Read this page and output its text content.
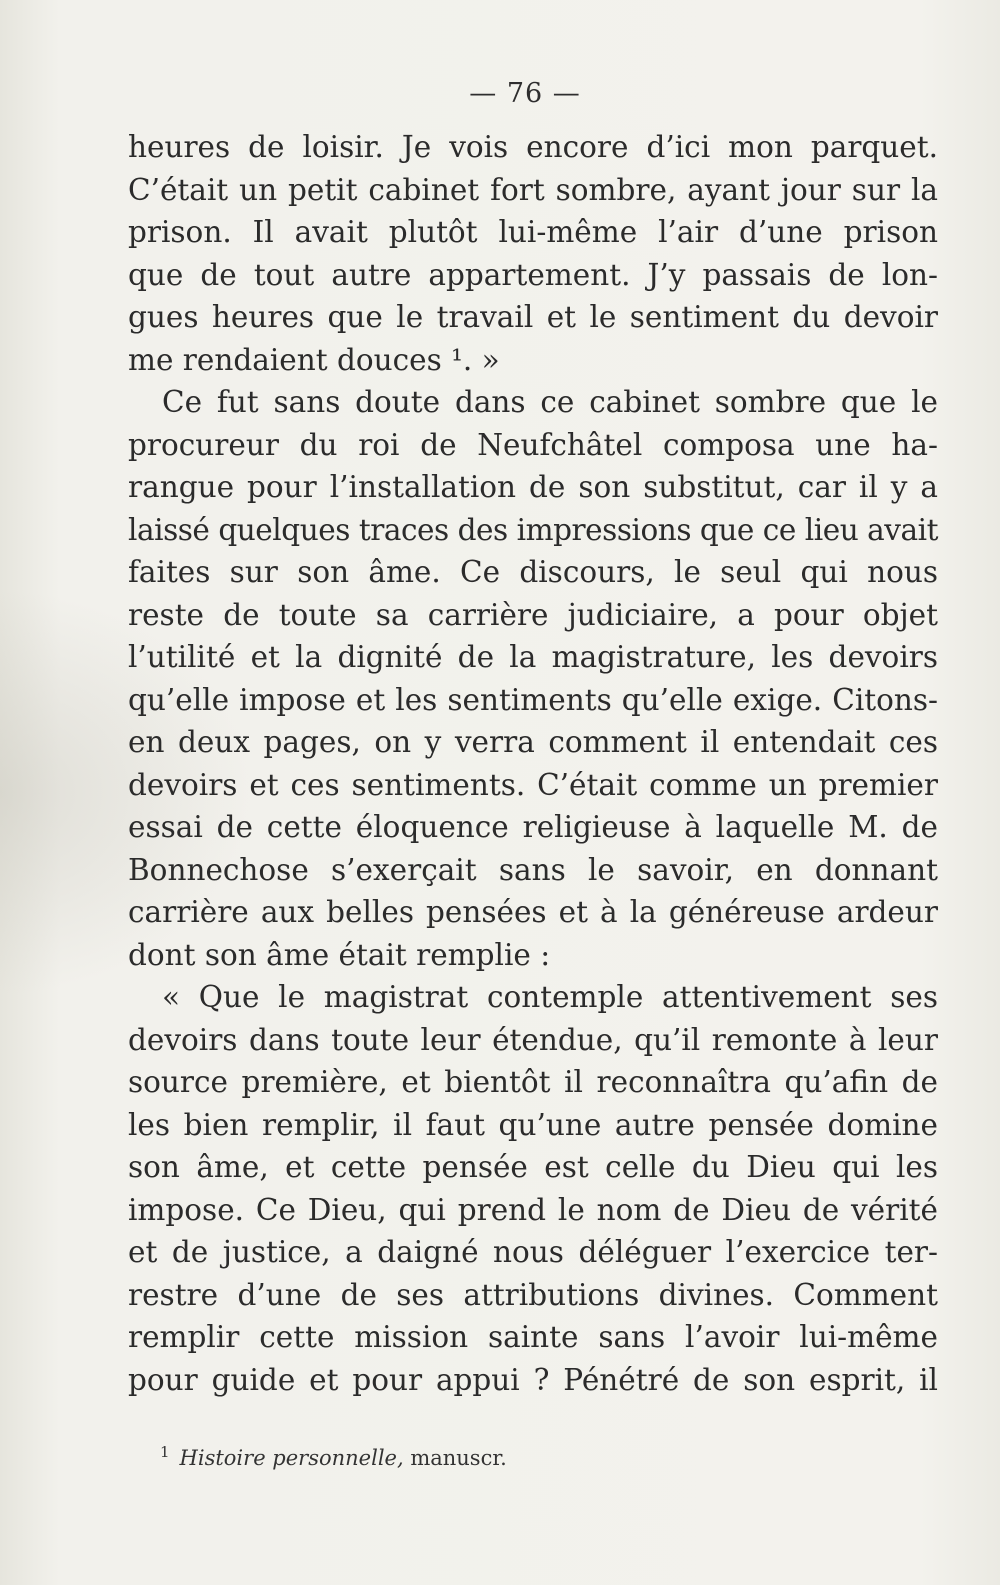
— 76 —
heures de loisir. Je vois encore d’ici mon parquet.
C’était un petit cabinet fort sombre, ayant jour sur la
prison. Il avait plutôt lui-même l’air d’une prison
que de tout autre appartement. J’y passais de lon-
gues heures que le travail et le sentiment du devoir
me rendaient douces ¹. »
Ce fut sans doute dans ce cabinet sombre que le
procureur du roi de Neufchâtel composa une ha-
rangue pour l’installation de son substitut, car il y a
laissé quelques traces des impressions que ce lieu avait
faites sur son âme. Ce discours, le seul qui nous
reste de toute sa carrière judiciaire, a pour objet
l’utilité et la dignité de la magistrature, les devoirs
qu’elle impose et les sentiments qu’elle exige. Citons-
en deux pages, on y verra comment il entendait ces
devoirs et ces sentiments. C’était comme un premier
essai de cette éloquence religieuse à laquelle M. de
Bonnechose s’exerçait sans le savoir, en donnant
carrière aux belles pensées et à la généreuse ardeur
dont son âme était remplie :
« Que le magistrat contemple attentivement ses
devoirs dans toute leur étendue, qu’il remonte à leur
source première, et bientôt il reconnaîtra qu’afin de
les bien remplir, il faut qu’une autre pensée domine
son âme, et cette pensée est celle du Dieu qui les
impose. Ce Dieu, qui prend le nom de Dieu de vérité
et de justice, a daigné nous déléguer l’exercice ter-
restre d’une de ses attributions divines. Comment
remplir cette mission sainte sans l’avoir lui-même
pour guide et pour appui ? Pénétré de son esprit, il
$^1$ Histoire personnelle, manuscr.
